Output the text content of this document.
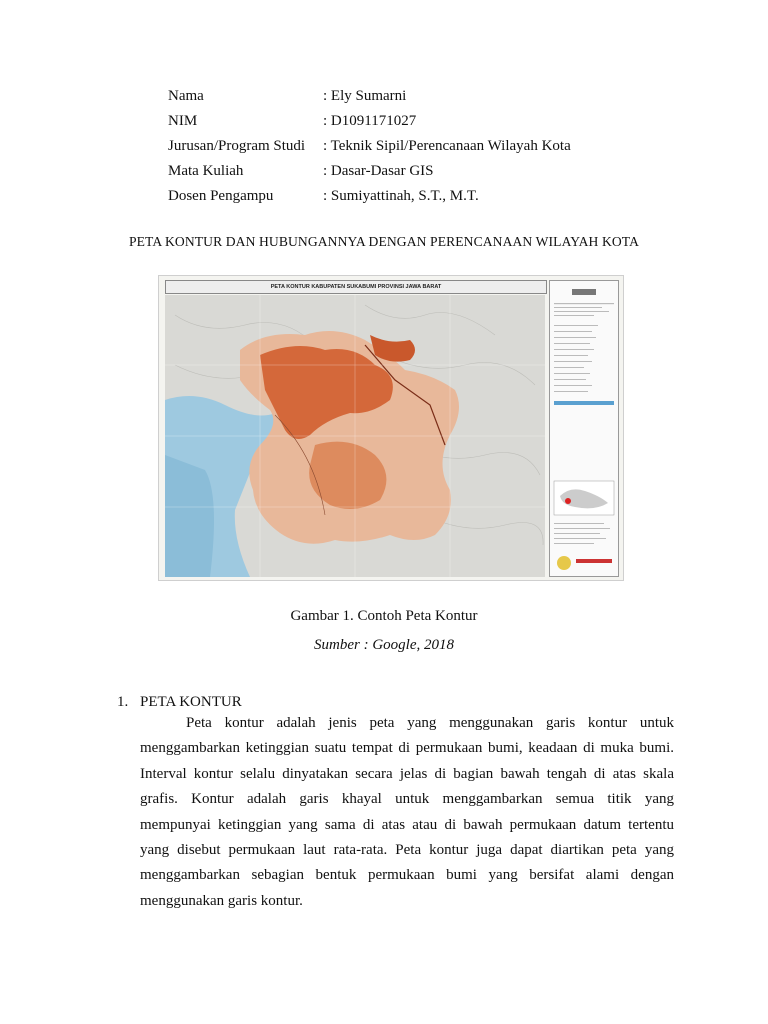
Nama	: Ely Sumarni
NIM	: D1091171027
Jurusan/Program Studi	: Teknik Sipil/Perencanaan Wilayah Kota
Mata Kuliah	: Dasar-Dasar GIS
Dosen Pengampu	: Sumiyattinah, S.T., M.T.
PETA KONTUR DAN HUBUNGANNYA DENGAN PERENCANAAN WILAYAH KOTA
PETA KONTUR KABUPATEN SUKABUMI PROVINSI JAWA BARAT
Gambar 1. Contoh Peta Kontur
Sumber : Google, 2018
1. PETA KONTUR
Peta kontur adalah jenis peta yang menggunakan garis kontur untuk
menggambarkan ketinggian suatu tempat di permukaan bumi, keadaan di muka bumi.
Interval kontur selalu dinyatakan secara jelas di bagian bawah tengah di atas skala
grafis. Kontur adalah garis khayal untuk menggambarkan semua titik yang
mempunyai ketinggian yang sama di atas atau di bawah permukaan datum tertentu
yang disebut permukaan laut rata-rata. Peta kontur juga dapat diartikan peta yang
menggambarkan sebagian bentuk permukaan bumi yang bersifat alami dengan
menggunakan garis kontur.
